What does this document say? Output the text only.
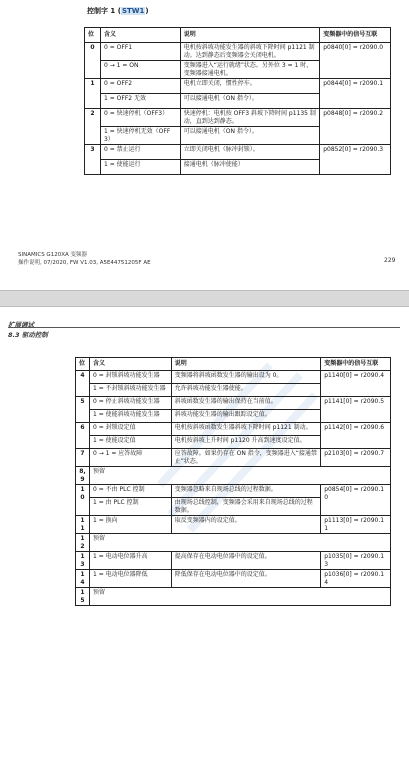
控制字 1 (STW1)
位	含义	说明	变频器中的信号互联
0	0 = OFF1	电机按斜坡功能发生器的斜坡下降时间 p1121 制动。达到静态后变频器会关闭电机。	p0840[0] = r2090.0
	0 → 1 = ON	变频器进入“运行就绪”状态。另外位 3 = 1 时，变频器接通电机。	
1	0 = OFF2	电机立即关闭，惯性停车。	p0844[0] = r2090.1
	1 = OFF2 无效	可以接通电机（ON 指令）。	
2	0 = 快速停机（OFF3）	快速停机：电机按 OFF3 斜坡下降时间 p1135 制动，直到达到静态。	p0848[0] = r2090.2
	1 = 快速停机无效（OFF3）	可以接通电机（ON 指令）。	
3	0 = 禁止运行	立即关闭电机（脉冲封锁）。	p0852[0] = r2090.3
	1 = 使能运行	接通电机（脉冲使能）	
SINAMICS G120XA 变频器
操作说明, 07/2020, FW V1.03, A5E44751205F AE	229
扩展调试
8.3 驱动控制
位	含义	说明	变频器中的信号互联
4	0 = 封锁斜坡功能发生器	变频器将斜坡函数发生器的输出设为 0。	p1140[0] = r2090.4
	1 = 不封锁斜坡功能发生器	允许斜坡功能发生器使能。	
5	0 = 停止斜坡功能发生器	斜坡函数发生器的输出保持在当前值。	p1141[0] = r2090.5
	1 = 使能斜坡功能发生器	斜坡功能发生器的输出跟踪设定值。	
6	0 = 封锁设定值	电机按斜坡函数发生器斜坡下降时间 p1121 制动。	p1142[0] = r2090.6
	1 = 使能设定值	电机按斜坡上升时间 p1120 升高到速度设定值。	
7	0 → 1 = 应答故障	应答故障。如果仍存在 ON 指令，变频器进入“接通禁止”状态。	p2103[0] = r2090.7
8, 9	预留		
10	0 = 不由 PLC 控制	变频器忽略来自现场总线的过程数据。	p0854[0] = r2090.10
	1 = 由 PLC 控制	由现场总线控制，变频器会采用来自现场总线的过程数据。	
11	1 = 换向	取反变频器内的设定值。	p1113[0] = r2090.11
12	预留		
13	1 = 电动电位器升高	提高保存在电动电位器中的设定值。	p1035[0] = r2090.13
14	1 = 电动电位器降低	降低保存在电动电位器中的设定值。	p1036[0] = r2090.14
15	预留		
